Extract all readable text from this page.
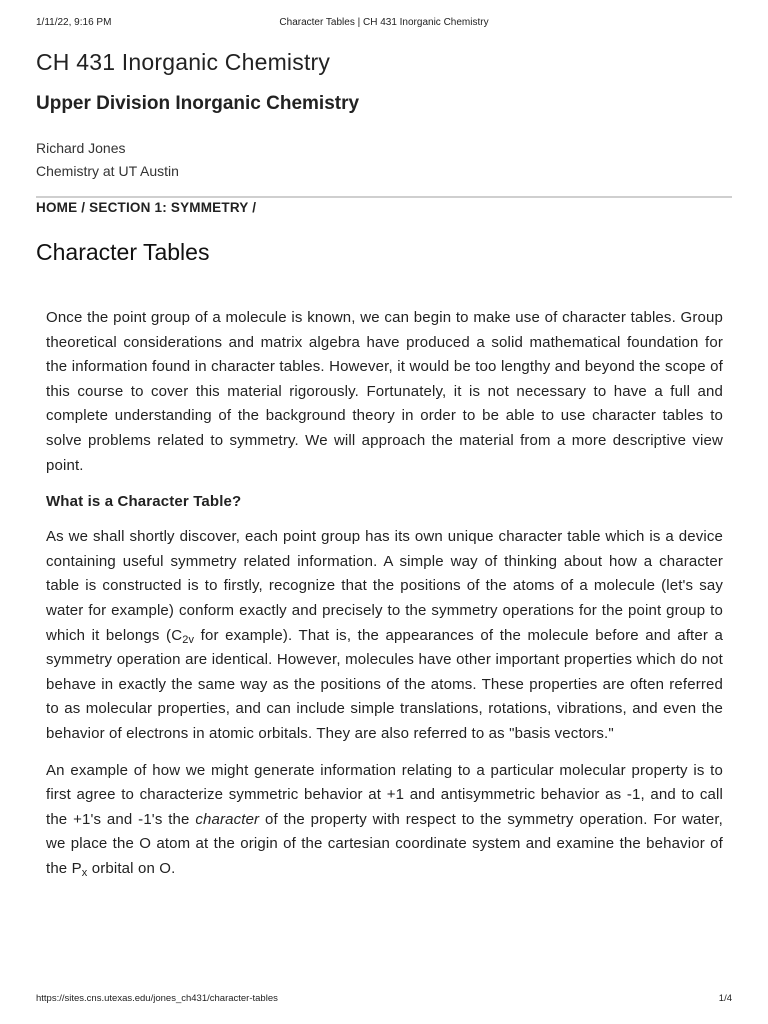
1/11/22, 9:16 PM	Character Tables | CH 431 Inorganic Chemistry
CH 431 Inorganic Chemistry
Upper Division Inorganic Chemistry
Richard Jones
Chemistry at UT Austin
HOME / SECTION 1: SYMMETRY /
Character Tables

Once the point group of a molecule is known, we can begin to make use of character tables. Group theoretical considerations and matrix algebra have produced a solid mathematical foundation for the information found in character tables. However, it would be too lengthy and beyond the scope of this course to cover this material rigorously. Fortunately, it is not necessary to have a full and complete understanding of the background theory in order to be able to use character tables to solve problems related to symmetry. We will approach the material from a more descriptive view point.

What is a Character Table?

As we shall shortly discover, each point group has its own unique character table which is a device containing useful symmetry related information. A simple way of thinking about how a character table is constructed is to firstly, recognize that the positions of the atoms of a molecule (let's say water for example) conform exactly and precisely to the symmetry operations for the point group to which it belongs ($C_{2v}$ for example). That is, the appearances of the molecule before and after a symmetry operation are identical. However, molecules have other important properties which do not behave in exactly the same way as the positions of the atoms. These properties are often referred to as molecular properties, and can include simple translations, rotations, vibrations, and even the behavior of electrons in atomic orbitals. They are also referred to as "basis vectors."

An example of how we might generate information relating to a particular molecular property is to first agree to characterize symmetric behavior at +1 and antisymmetric behavior as -1, and to call the +1's and -1's the character of the property with respect to the symmetry operation. For water, we place the O atom at the origin of the cartesian coordinate system and examine the behavior of the $P_x$ orbital on O.

https://sites.cns.utexas.edu/jones_ch431/character-tables	1/4
